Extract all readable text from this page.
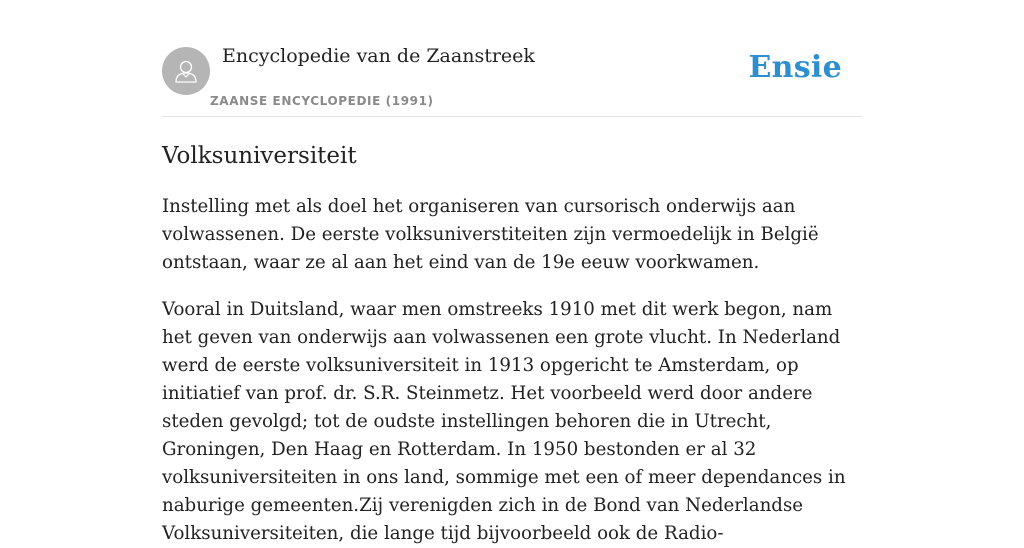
Encyclopedie van de Zaanstreek
ZAANSE ENCYCLOPEDIE (1991)
Ensie
Volksuniversiteit

Instelling met als doel het organiseren van cursorisch onderwijs aan volwassenen. De eerste volksuniverstiteiten zijn vermoedelijk in België ontstaan, waar ze al aan het eind van de 19e eeuw voorkwamen.

Vooral in Duitsland, waar men omstreeks 1910 met dit werk begon, nam het geven van onderwijs aan volwassenen een grote vlucht. In Nederland werd de eerste volksuniversiteit in 1913 opgericht te Amsterdam, op initiatief van prof. dr. S.R. Steinmetz. Het voorbeeld werd door andere steden gevolgd; tot de oudste instellingen behoren die in Utrecht, Groningen, Den Haag en Rotterdam. In 1950 bestonden er al 32 volksuniversiteiten in ons land, sommige met een of meer dependances in naburige gemeenten.Zij verenigden zich in de Bond van Nederlandse Volksuniversiteiten, die lange tijd bijvoorbeeld ook de Radio-
